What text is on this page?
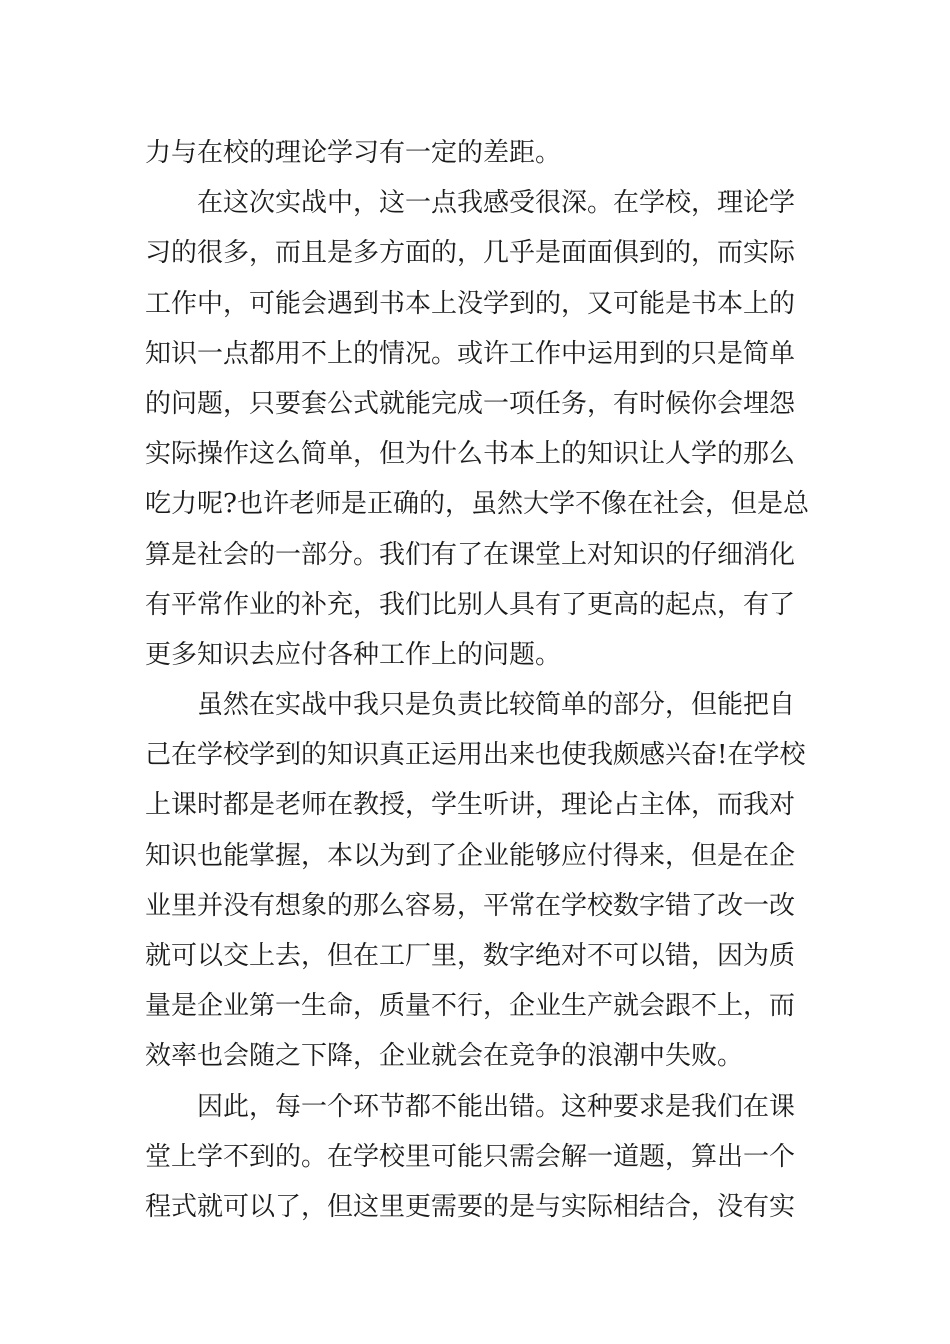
力与在校的理论学习有一定的差距。
在这次实战中，这一点我感受很深。在学校，理论学
习的很多，而且是多方面的，几乎是面面俱到的，而实际
工作中，可能会遇到书本上没学到的，又可能是书本上的
知识一点都用不上的情况。或许工作中运用到的只是简单
的问题，只要套公式就能完成一项任务，有时候你会埋怨
实际操作这么简单，但为什么书本上的知识让人学的那么
吃力呢?也许老师是正确的，虽然大学不像在社会，但是总
算是社会的一部分。我们有了在课堂上对知识的仔细消化
有平常作业的补充，我们比别人具有了更高的起点，有了
更多知识去应付各种工作上的问题。
虽然在实战中我只是负责比较简单的部分，但能把自
己在学校学到的知识真正运用出来也使我颇感兴奋!在学校
上课时都是老师在教授，学生听讲，理论占主体，而我对
知识也能掌握，本以为到了企业能够应付得来，但是在企
业里并没有想象的那么容易，平常在学校数字错了改一改
就可以交上去，但在工厂里，数字绝对不可以错，因为质
量是企业第一生命，质量不行，企业生产就会跟不上，而
效率也会随之下降，企业就会在竞争的浪潮中失败。
因此，每一个环节都不能出错。这种要求是我们在课
堂上学不到的。在学校里可能只需会解一道题，算出一个
程式就可以了，但这里更需要的是与实际相结合，没有实
